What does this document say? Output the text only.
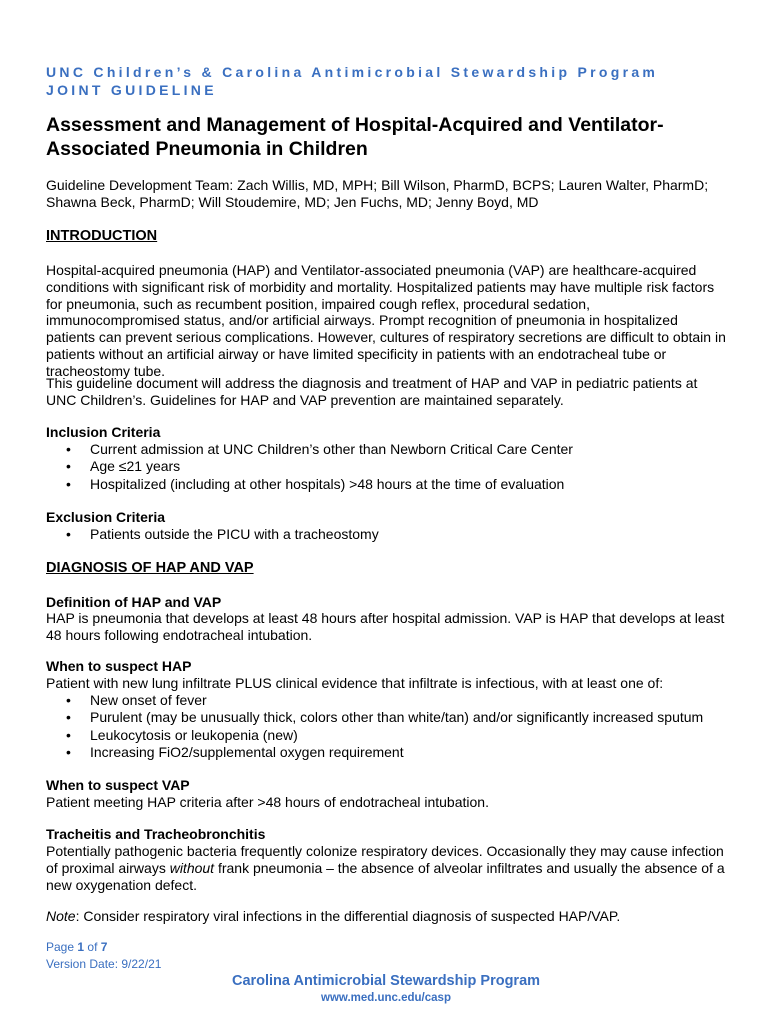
UNC Children’s & Carolina Antimicrobial Stewardship Program
JOINT GUIDELINE
Assessment and Management of Hospital-Acquired and Ventilator-Associated Pneumonia in Children

Guideline Development Team: Zach Willis, MD, MPH; Bill Wilson, PharmD, BCPS; Lauren Walter, PharmD; Shawna Beck, PharmD; Will Stoudemire, MD; Jen Fuchs, MD; Jenny Boyd, MD

INTRODUCTION

Hospital-acquired pneumonia (HAP) and Ventilator-associated pneumonia (VAP) are healthcare-acquired conditions with significant risk of morbidity and mortality. Hospitalized patients may have multiple risk factors for pneumonia, such as recumbent position, impaired cough reflex, procedural sedation, immunocompromised status, and/or artificial airways. Prompt recognition of pneumonia in hospitalized patients can prevent serious complications. However, cultures of respiratory secretions are difficult to obtain in patients without an artificial airway or have limited specificity in patients with an endotracheal tube or tracheostomy tube.

This guideline document will address the diagnosis and treatment of HAP and VAP in pediatric patients at UNC Children’s. Guidelines for HAP and VAP prevention are maintained separately.

Inclusion Criteria
• Current admission at UNC Children’s other than Newborn Critical Care Center
• Age ≤21 years
• Hospitalized (including at other hospitals) >48 hours at the time of evaluation
Exclusion Criteria
• Patients outside the PICU with a tracheostomy
DIAGNOSIS OF HAP AND VAP
Definition of HAP and VAP

HAP is pneumonia that develops at least 48 hours after hospital admission. VAP is HAP that develops at least 48 hours following endotracheal intubation.

When to suspect HAP

Patient with new lung infiltrate PLUS clinical evidence that infiltrate is infectious, with at least one of:

• New onset of fever
• Purulent (may be unusually thick, colors other than white/tan) and/or significantly increased sputum
• Leukocytosis or leukopenia (new)
• Increasing FiO2/supplemental oxygen requirement
When to suspect VAP

Patient meeting HAP criteria after >48 hours of endotracheal intubation.

Tracheitis and Tracheobronchitis

Potentially pathogenic bacteria frequently colonize respiratory devices. Occasionally they may cause infection of proximal airways without frank pneumonia – the absence of alveolar infiltrates and usually the absence of a new oxygenation defect.

Note: Consider respiratory viral infections in the differential diagnosis of suspected HAP/VAP.

Page 1 of 7
Version Date: 9/22/21
Carolina Antimicrobial Stewardship Program
www.med.unc.edu/casp
